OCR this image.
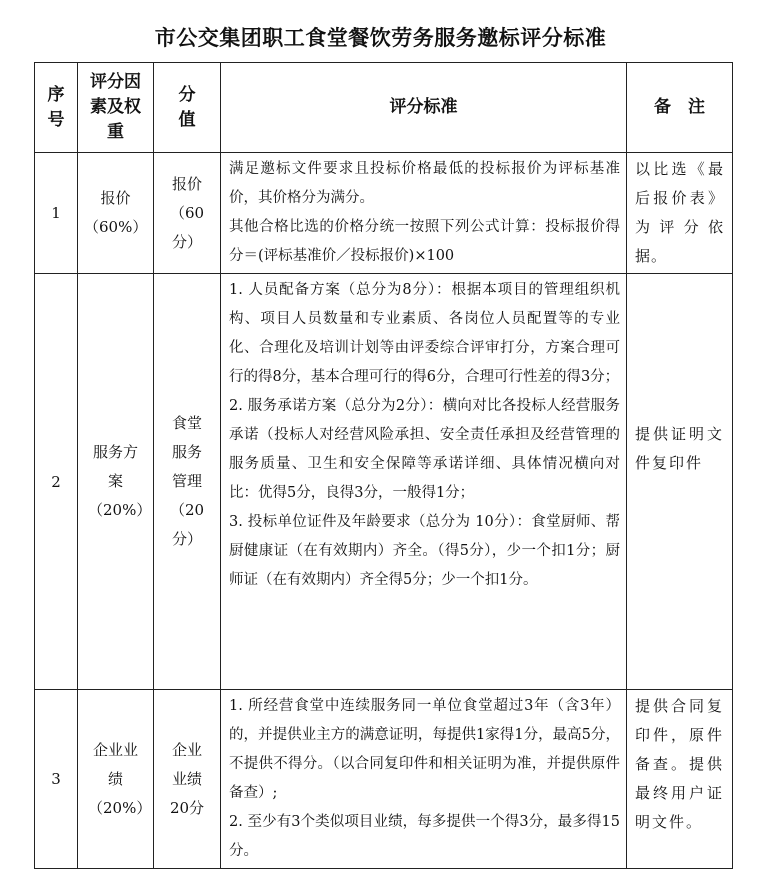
市公交集团职工食堂餐饮劳务服务邀标评分标准
序号	评分因素及权重	分值	评分标准	备　注
1	报价（60%）	报价（60分）	满足邀标文件要求且投标价格最低的投标报价为评标基准价，其价格分为满分。

其他合格比选的价格分统一按照下列公式计算：投标报价得分＝(评标基准价／投标报价)×100	以比选《最后报价表》为评分依据。
2	服务方案（20%）	食堂服务管理（20分）	1. 人员配备方案（总分为8分）：根据本项目的管理组织机构、项目人员数量和专业素质、各岗位人员配置等的专业化、合理化及培训计划等由评委综合评审打分，方案合理可行的得8分，基本合理可行的得6分，合理可行性差的得3分；

2. 服务承诺方案（总分为2分）：横向对比各投标人经营服务承诺（投标人对经营风险承担、安全责任承担及经营管理的服务质量、卫生和安全保障等承诺详细、具体情况横向对比：优得5分，良得3分，一般得1分；

3. 投标单位证件及年龄要求（总分为 10分）：食堂厨师、帮厨健康证（在有效期内）齐全。（得5分），少一个扣1分；厨师证（在有效期内）齐全得5分；少一个扣1分。	提供证明文件复印件
3	企业业绩（20%）	企业业绩20分	1. 所经营食堂中连续服务同一单位食堂超过3年（含3年）的，并提供业主方的满意证明，每提供1家得1分，最高5分，不提供不得分。（以合同复印件和相关证明为准，并提供原件备查）;

2. 至少有3个类似项目业绩，每多提供一个得3分，最多得15分。	提供合同复印件，原件备查。提供最终用户证明文件。
